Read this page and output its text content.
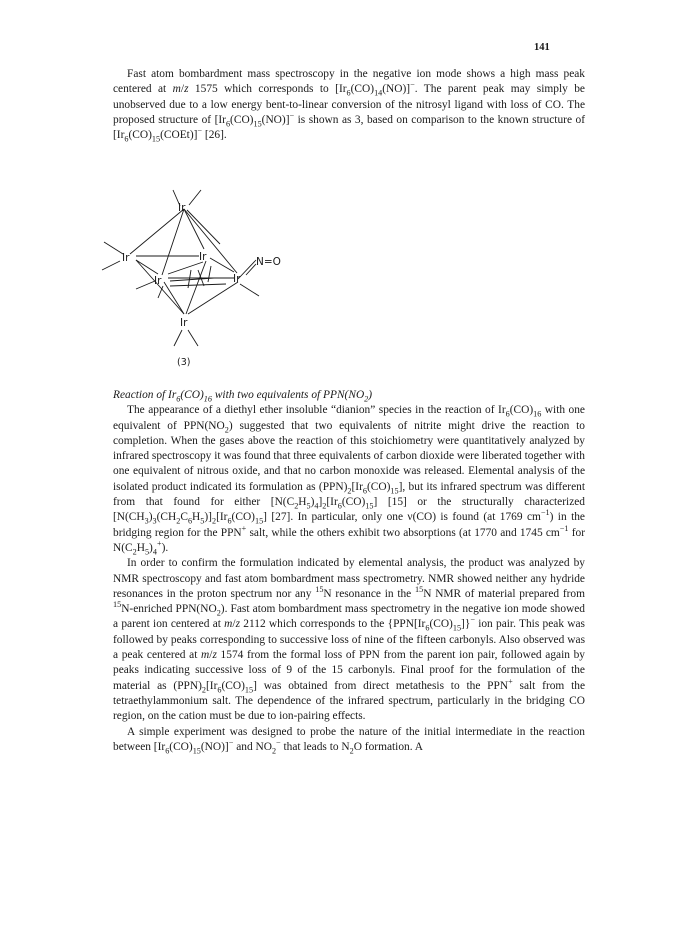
141

Fast atom bombardment mass spectroscopy in the negative ion mode shows a high mass peak centered at m/z 1575 which corresponds to $[Ir_6(CO)_{14}(NO)]^-$. The parent peak may simply be unobserved due to a low energy bent-to-linear conversion of the nitrosyl ligand with loss of CO. The proposed structure of $[Ir_6(CO)_{15}(NO)]^-$ is shown as 3, based on comparison to the known structure of $[Ir_6(CO)_{15}(COEt)]^-$ [26].

Ir
Ir	Ir
Ir	Ir
Ir
N=O
(3)

Reaction of $Ir_6(CO)_{16}$ with two equivalents of $PPN(NO_2)$

The appearance of a diethyl ether insoluble “dianion” species in the reaction of $Ir_6(CO)_{16}$ with one equivalent of $PPN(NO_2)$ suggested that two equivalents of nitrite might drive the reaction to completion. When the gases above the reaction of this stoichiometry were quantitatively analyzed by infrared spectroscopy it was found that three equivalents of carbon dioxide were liberated together with one equivalent of nitrous oxide, and that no carbon monoxide was released. Elemental analysis of the isolated product indicated its formulation as $(PPN)_2[Ir_6(CO)_{15}]$, but its infrared spectrum was different from that found for either $[N(C_2H_5)_4]_2[Ir_6(CO)_{15}]$ [15] or the structurally characterized $[N(CH_3)_3(CH_2C_6H_5)]_2[Ir_6(CO)_{15}]$ [27]. In particular, only one ν(CO) is found (at 1769 $cm^{-1}$) in the bridging region for the PPN+ salt, while the others exhibit two absorptions (at 1770 and 1745 $cm^{-1}$ for $N(C_2H_5)_4^+$).

In order to confirm the formulation indicated by elemental analysis, the product was analyzed by NMR spectroscopy and fast atom bombardment mass spectrometry. NMR showed neither any hydride resonances in the proton spectrum nor any $^{15}$N resonance in the $^{15}$N NMR of material prepared from $^{15}$N-enriched $PPN(NO_2)$. Fast atom bombardment mass spectrometry in the negative ion mode showed a parent ion centered at m/z 2112 which corresponds to the $\{PPN[Ir_6(CO)_{15}]\}^-$ ion pair. This peak was followed by peaks corresponding to successive loss of nine of the fifteen carbonyls. Also observed was a peak centered at m/z 1574 from the formal loss of PPN from the parent ion pair, followed again by peaks indicating successive loss of 9 of the 15 carbonyls. Final proof for the formulation of the material as $(PPN)_2[Ir_6(CO)_{15}]$ was obtained from direct metathesis to the PPN+ salt from the tetraethylammonium salt. The dependence of the infrared spectrum, particularly in the bridging CO region, on the cation must be due to ion-pairing effects.

A simple experiment was designed to probe the nature of the initial intermediate in the reaction between $[Ir_6(CO)_{15}(NO)]^-$ and $NO_2^-$ that leads to $N_2O$ formation. A
